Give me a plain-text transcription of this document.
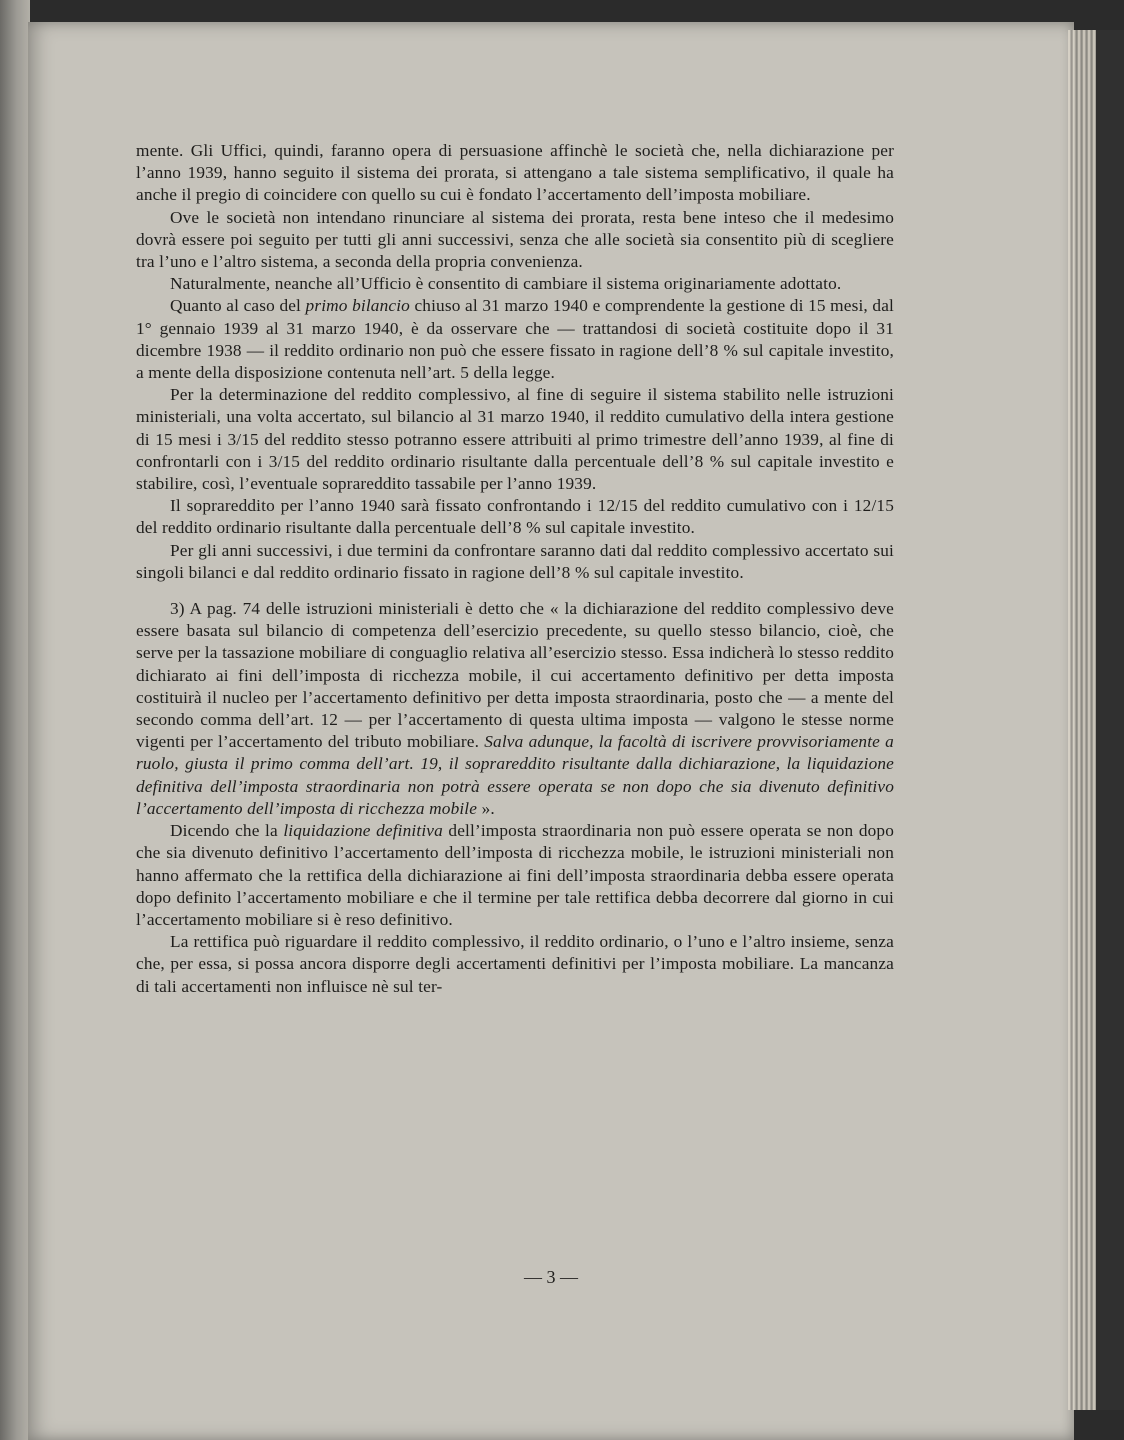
mente. Gli Uffici, quindi, faranno opera di persuasione affinchè le società che, nella dichiarazione per l’anno 1939, hanno seguito il sistema dei prorata, si attengano a tale sistema semplificativo, il quale ha anche il pregio di coincidere con quello su cui è fondato l’accertamento dell’imposta mobiliare.

Ove le società non intendano rinunciare al sistema dei prorata, resta bene inteso che il medesimo dovrà essere poi seguito per tutti gli anni successivi, senza che alle società sia consentito più di scegliere tra l’uno e l’altro sistema, a seconda della propria convenienza.

Naturalmente, neanche all’Ufficio è consentito di cambiare il sistema originariamente adottato.

Quanto al caso del primo bilancio chiuso al 31 marzo 1940 e comprendente la gestione di 15 mesi, dal 1° gennaio 1939 al 31 marzo 1940, è da osservare che — trattandosi di società costituite dopo il 31 dicembre 1938 — il reddito ordinario non può che essere fissato in ragione dell’8 % sul capitale investito, a mente della disposizione contenuta nell’art. 5 della legge.

Per la determinazione del reddito complessivo, al fine di seguire il sistema stabilito nelle istruzioni ministeriali, una volta accertato, sul bilancio al 31 marzo 1940, il reddito cumulativo della intera gestione di 15 mesi i 3/15 del reddito stesso potranno essere attribuiti al primo trimestre dell’anno 1939, al fine di confrontarli con i 3/15 del reddito ordinario risultante dalla percentuale dell’8 % sul capitale investito e stabilire, così, l’eventuale soprareddito tassabile per l’anno 1939.

Il soprareddito per l’anno 1940 sarà fissato confrontando i 12/15 del reddito cumulativo con i 12/15 del reddito ordinario risultante dalla percentuale dell’8 % sul capitale investito.

Per gli anni successivi, i due termini da confrontare saranno dati dal reddito complessivo accertato sui singoli bilanci e dal reddito ordinario fissato in ragione dell’8 % sul capitale investito.

3) A pag. 74 delle istruzioni ministeriali è detto che « la dichiarazione del reddito complessivo deve essere basata sul bilancio di competenza dell’esercizio precedente, su quello stesso bilancio, cioè, che serve per la tassazione mobiliare di conguaglio relativa all’esercizio stesso. Essa indicherà lo stesso reddito dichiarato ai fini dell’imposta di ricchezza mobile, il cui accertamento definitivo per detta imposta costituirà il nucleo per l’accertamento definitivo per detta imposta straordinaria, posto che — a mente del secondo comma dell’art. 12 — per l’accertamento di questa ultima imposta — valgono le stesse norme vigenti per l’accertamento del tributo mobiliare. Salva adunque, la facoltà di iscrivere provvisoriamente a ruolo, giusta il primo comma dell’art. 19, il soprareddito risultante dalla dichiarazione, la liquidazione definitiva dell’imposta straordinaria non potrà essere operata se non dopo che sia divenuto definitivo l’accertamento dell’imposta di ricchezza mobile ».

Dicendo che la liquidazione definitiva dell’imposta straordinaria non può essere operata se non dopo che sia divenuto definitivo l’accertamento dell’imposta di ricchezza mobile, le istruzioni ministeriali non hanno affermato che la rettifica della dichiarazione ai fini dell’imposta straordinaria debba essere operata dopo definito l’accertamento mobiliare e che il termine per tale rettifica debba decorrere dal giorno in cui l’accertamento mobiliare si è reso definitivo.

La rettifica può riguardare il reddito complessivo, il reddito ordinario, o l’uno e l’altro insieme, senza che, per essa, si possa ancora disporre degli accertamenti definitivi per l’imposta mobiliare. La mancanza di tali accertamenti non influisce nè sul ter-

— 3 —
